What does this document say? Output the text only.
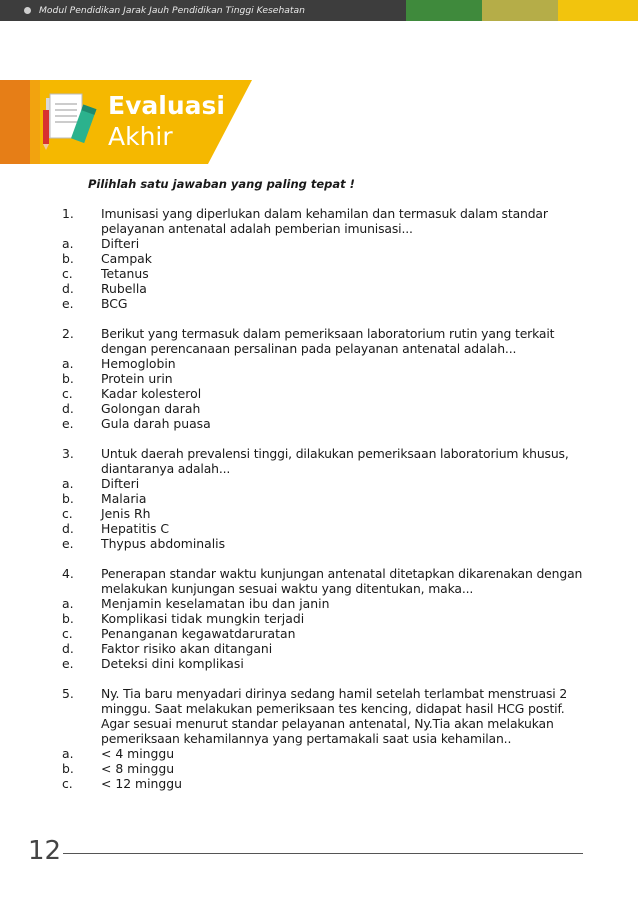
Modul Pendidikan Jarak Jauh Pendidikan Tinggi Kesehatan
Evaluasi
Akhir
Pilihlah satu jawaban yang paling tepat !
1.	Imunisasi yang diperlukan dalam kehamilan dan termasuk dalam standar pelayanan antenatal adalah pemberian imunisasi...
a.	Difteri
b.	Campak
c.	Tetanus
d.	Rubella
e.	BCG
2.	Berikut yang termasuk dalam pemeriksaan laboratorium rutin yang terkait dengan perencanaan persalinan pada pelayanan antenatal adalah...
a.	Hemoglobin
b.	Protein urin
c.	Kadar kolesterol
d.	Golongan darah
e.	Gula darah puasa
3.	Untuk daerah prevalensi tinggi, dilakukan pemeriksaan laboratorium khusus, diantaranya adalah...
a.	Difteri
b.	Malaria
c.	Jenis Rh
d.	Hepatitis C
e.	Thypus abdominalis
4.	Penerapan standar waktu kunjungan antenatal ditetapkan dikarenakan dengan melakukan kunjungan sesuai waktu yang ditentukan, maka...
a.	Menjamin keselamatan ibu dan janin
b.	Komplikasi tidak mungkin terjadi
c.	Penanganan kegawatdaruratan
d.	Faktor risiko akan ditangani
e.	Deteksi dini komplikasi
5.	Ny. Tia baru menyadari dirinya sedang hamil setelah terlambat menstruasi 2 minggu. Saat melakukan pemeriksaan tes kencing, didapat hasil HCG postif. Agar sesuai menurut standar pelayanan antenatal, Ny.Tia akan melakukan pemeriksaan kehamilannya yang pertamakali saat usia kehamilan..
a.	< 4 minggu
b.	< 8 minggu
c.	< 12 minggu
12
